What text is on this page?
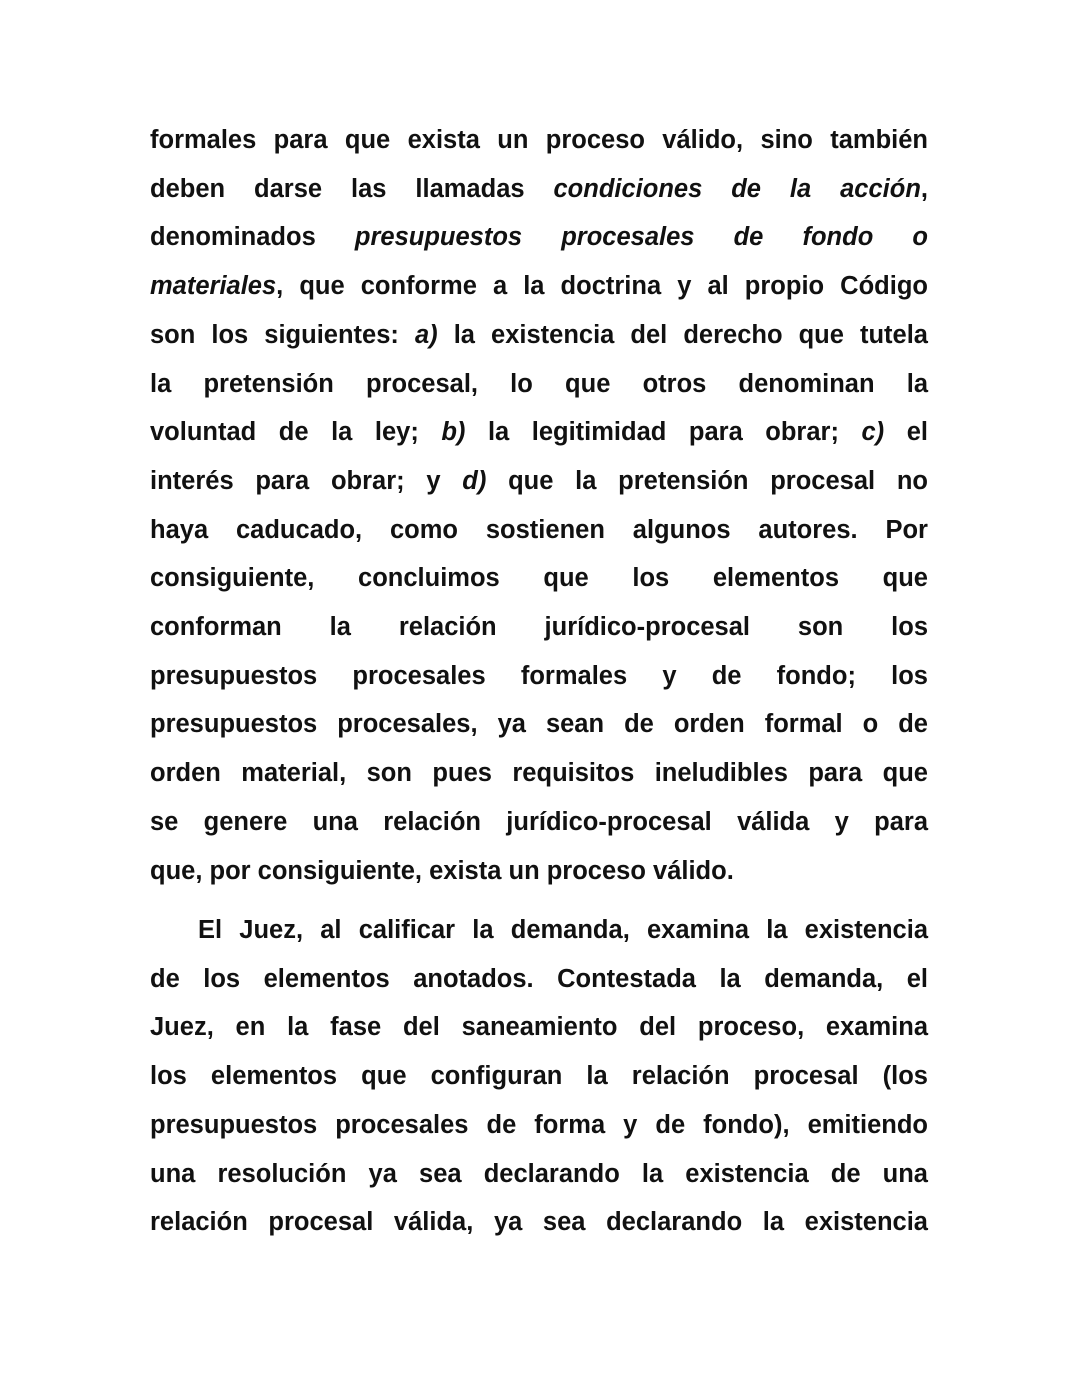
formales para que exista un proceso válido, sino también
deben darse las llamadas condiciones de la acción,
denominados presupuestos procesales de fondo o
materiales, que conforme a la doctrina y al propio Código
son los siguientes: a) la existencia del derecho que tutela
la pretensión procesal, lo que otros denominan la
voluntad de la ley; b) la legitimidad para obrar; c) el
interés para obrar; y d) que la pretensión procesal no
haya caducado, como sostienen algunos autores. Por
consiguiente, concluimos que los elementos que
conforman la relación jurídico-procesal son los
presupuestos procesales formales y de fondo; los
presupuestos procesales, ya sean de orden formal o de
orden material, son pues requisitos ineludibles para que
se genere una relación jurídico-procesal válida y para
que, por consiguiente, exista un proceso válido.
El Juez, al calificar la demanda, examina la existencia
de los elementos anotados. Contestada la demanda, el
Juez, en la fase del saneamiento del proceso, examina
los elementos que configuran la relación procesal (los
presupuestos procesales de forma y de fondo), emitiendo
una resolución ya sea declarando la existencia de una
relación procesal válida, ya sea declarando la existencia
